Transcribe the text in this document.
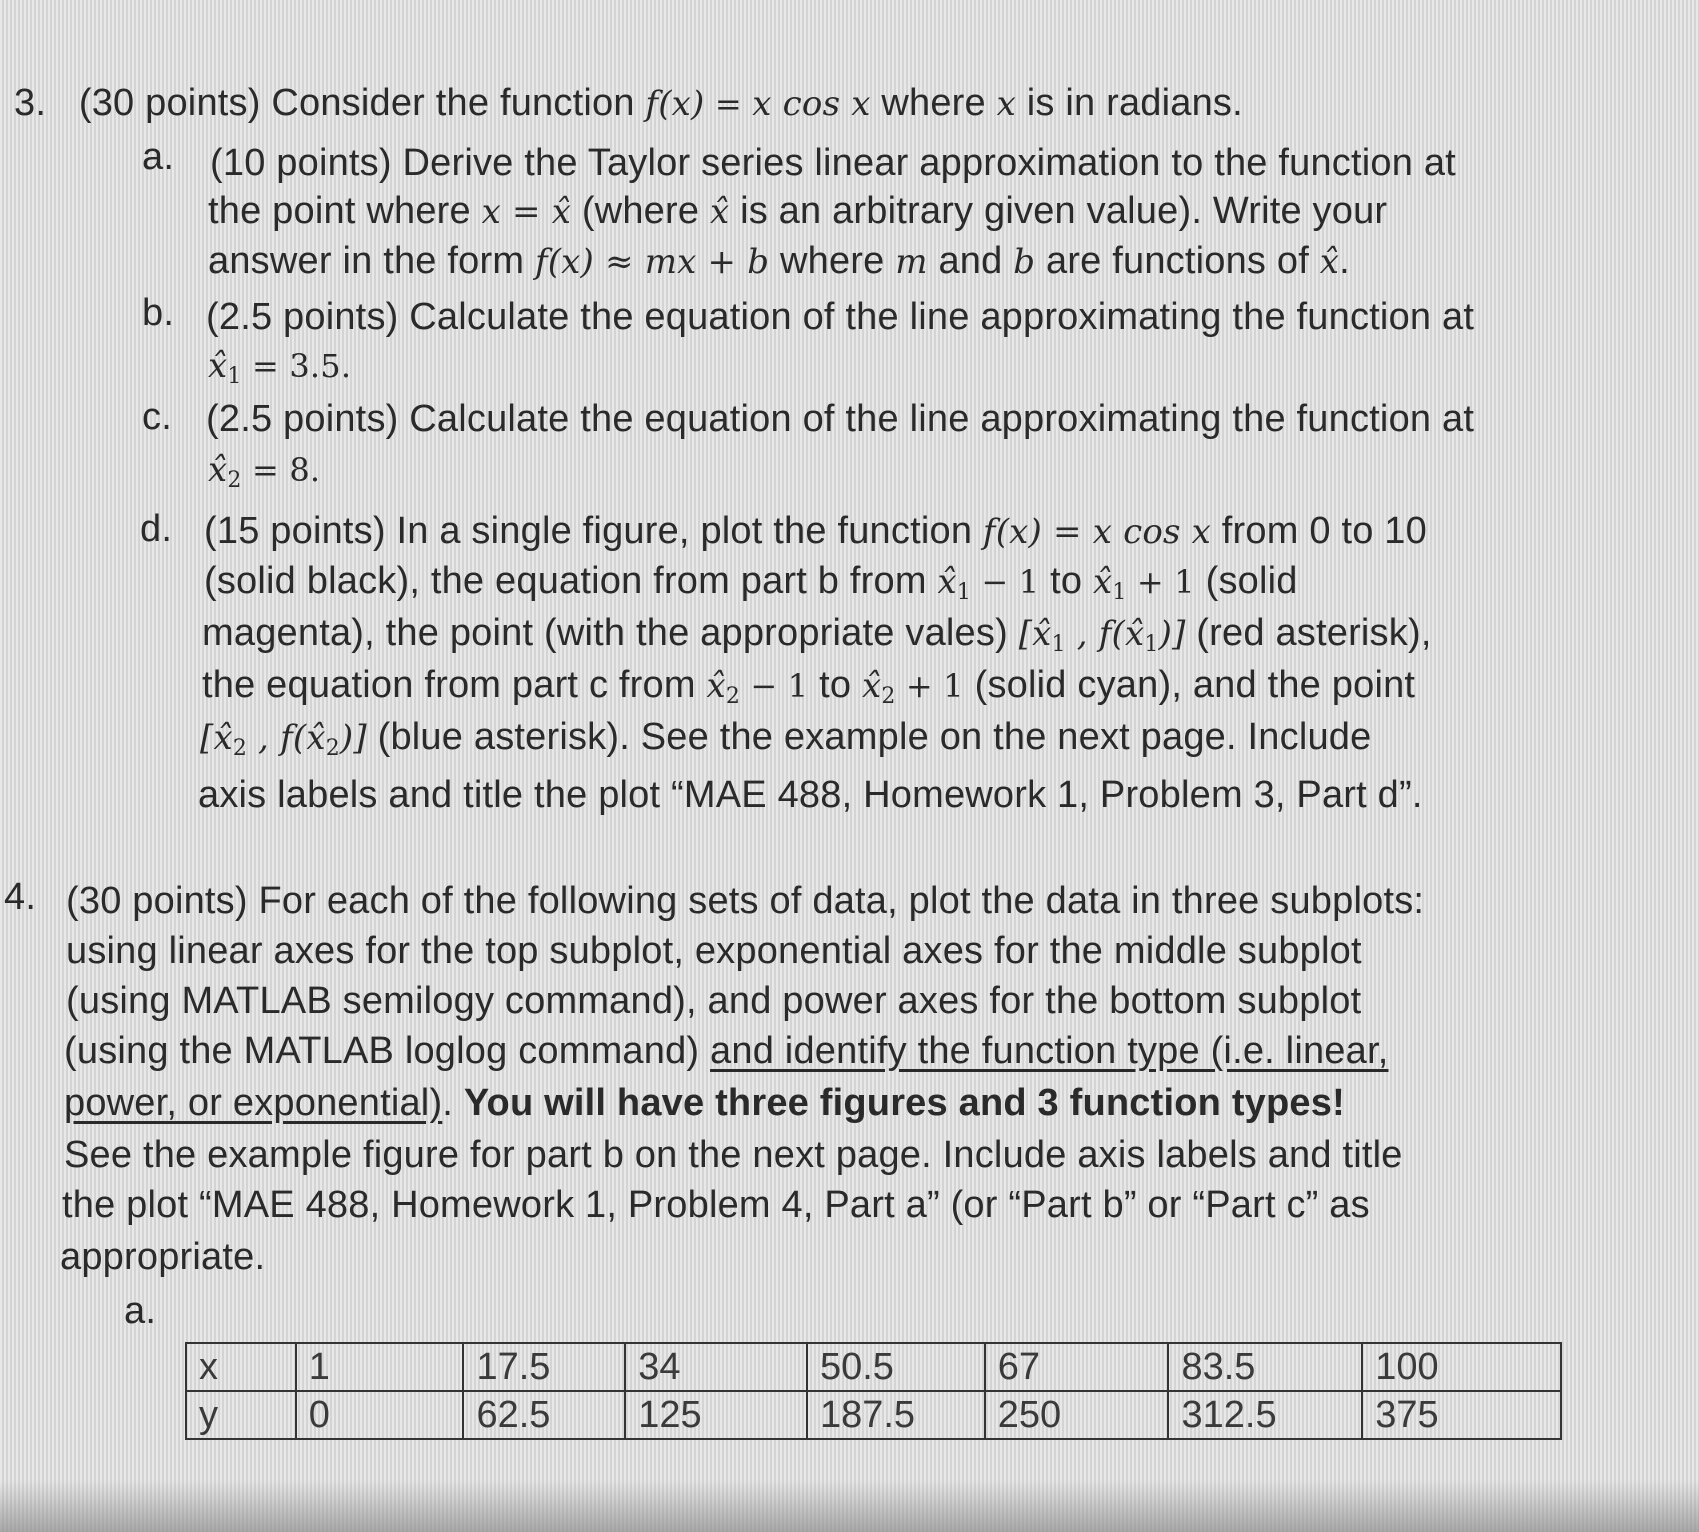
3. (30 points) Consider the function f(x) = x cos x where x is in radians.
a. (10 points) Derive the Taylor series linear approximation to the function at
the point where x = x̂ (where x̂ is an arbitrary given value). Write your
answer in the form f(x) ≈ mx + b where m and b are functions of x̂.
b. (2.5 points) Calculate the equation of the line approximating the function at
$x̂_1 = 3.5$.
c. (2.5 points) Calculate the equation of the line approximating the function at
$x̂_2 = 8$.
d. (15 points) In a single figure, plot the function f(x) = x cos x from 0 to 10
(solid black), the equation from part b from $x̂_1 - 1$ to $x̂_1 + 1$ (solid
magenta), the point (with the appropriate vales) [$x̂_1$ , $f(x̂_1)$] (red asterisk),
the equation from part c from $x̂_2 - 1$ to $x̂_2 + 1$ (solid cyan), and the point
[$x̂_2$ , $f(x̂_2)$] (blue asterisk). See the example on the next page. Include
axis labels and title the plot “MAE 488, Homework 1, Problem 3, Part d”.
4. (30 points) For each of the following sets of data, plot the data in three subplots:
using linear axes for the top subplot, exponential axes for the middle subplot
(using MATLAB semilogy command), and power axes for the bottom subplot
(using the MATLAB loglog command) and identify the function type (i.e. linear,
power, or exponential). You will have three figures and 3 function types!
See the example figure for part b on the next page. Include axis labels and title
the plot “MAE 488, Homework 1, Problem 4, Part a” (or “Part b” or “Part c” as
appropriate.
a.
x	1	17.5	34	50.5	67	83.5	100
y	0	62.5	125	187.5	250	312.5	375
